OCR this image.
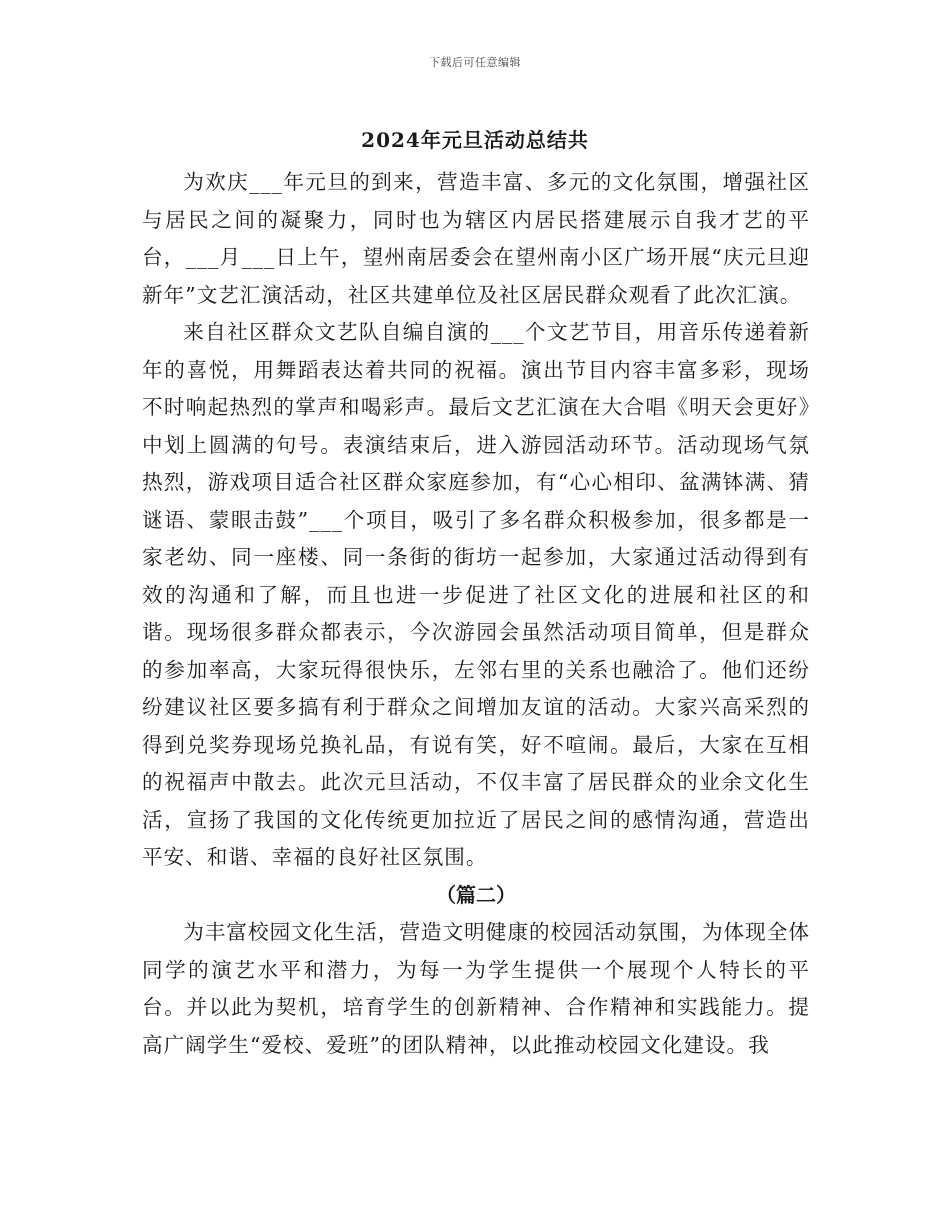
下载后可任意编辑
2024年元旦活动总结共

为欢庆___年元旦的到来，营造丰富、多元的文化氛围，增强社区与居民之间的凝聚力，同时也为辖区内居民搭建展示自我才艺的平台，___月___日上午，望州南居委会在望州南小区广场开展“庆元旦迎新年”文艺汇演活动，社区共建单位及社区居民群众观看了此次汇演。

来自社区群众文艺队自编自演的___个文艺节目，用音乐传递着新年的喜悦，用舞蹈表达着共同的祝福。演出节目内容丰富多彩，现场不时响起热烈的掌声和喝彩声。最后文艺汇演在大合唱《明天会更好》中划上圆满的句号。表演结束后，进入游园活动环节。活动现场气氛热烈，游戏项目适合社区群众家庭参加，有“心心相印、盆满钵满、猜谜语、蒙眼击鼓”___个项目，吸引了多名群众积极参加，很多都是一家老幼、同一座楼、同一条街的街坊一起参加，大家通过活动得到有效的沟通和了解，而且也进一步促进了社区文化的进展和社区的和谐。现场很多群众都表示，今次游园会虽然活动项目简单，但是群众的参加率高，大家玩得很快乐，左邻右里的关系也融洽了。他们还纷纷建议社区要多搞有利于群众之间增加友谊的活动。大家兴高采烈的得到兑奖券现场兑换礼品，有说有笑，好不喧闹。最后，大家在互相的祝福声中散去。此次元旦活动，不仅丰富了居民群众的业余文化生活，宣扬了我国的文化传统更加拉近了居民之间的感情沟通，营造出平安、和谐、幸福的良好社区氛围。

（篇二）

为丰富校园文化生活，营造文明健康的校园活动氛围，为体现全体同学的演艺水平和潜力，为每一为学生提供一个展现个人特长的平台。并以此为契机，培育学生的创新精神、合作精神和实践能力。提高广阔学生“爱校、爱班”的团队精神，以此推动校园文化建设。我
